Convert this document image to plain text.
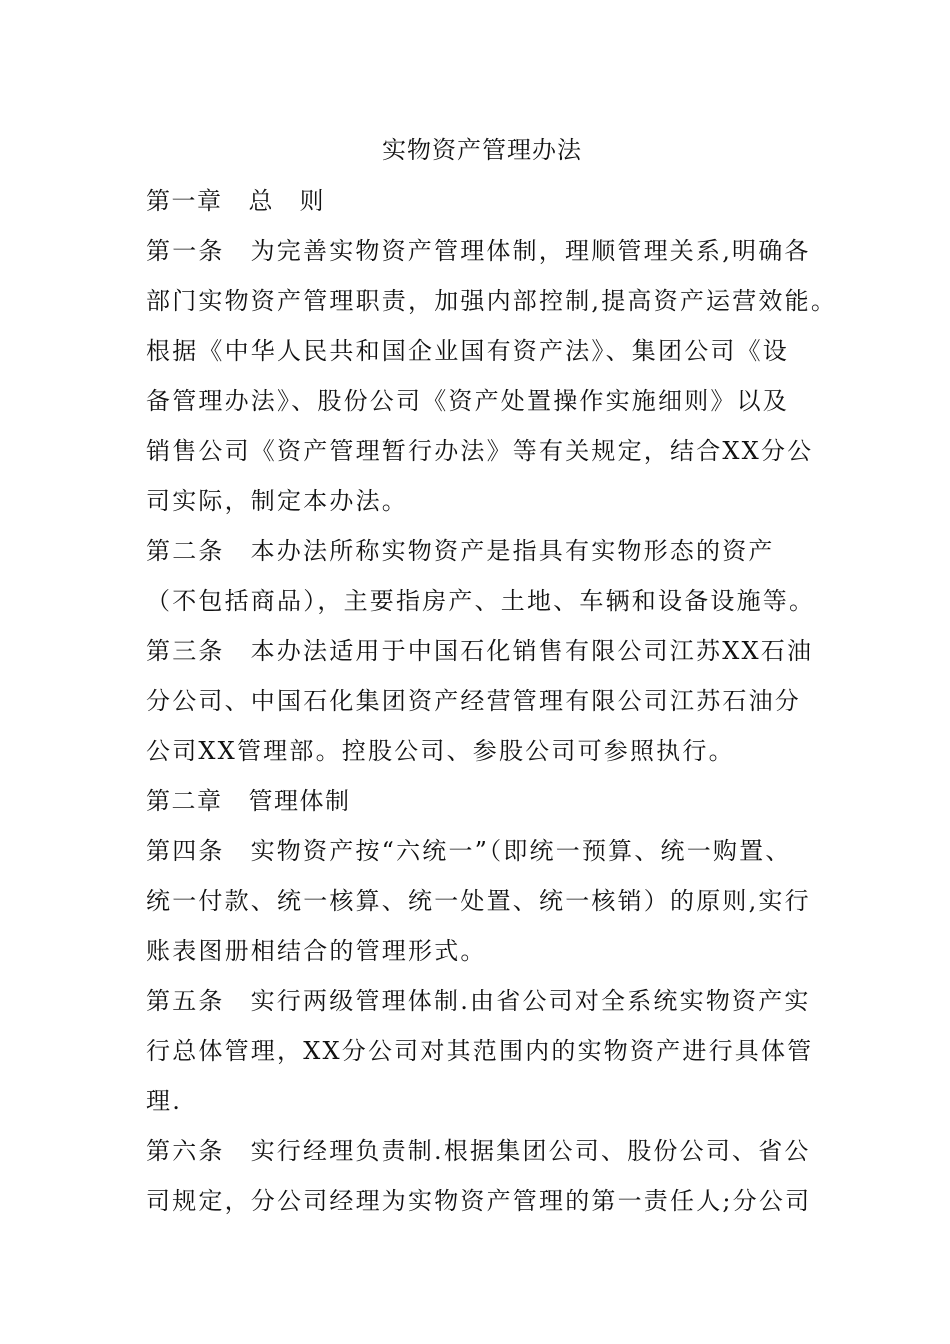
实物资产管理办法
第一章 总　则
第一条 为完善实物资产管理体制，理顺管理关系,明确各
部门实物资产管理职责，加强内部控制,提高资产运营效能。
根据《中华人民共和国企业国有资产法》、集团公司《设
备管理办法》、股份公司《资产处置操作实施细则》以及
销售公司《资产管理暂行办法》等有关规定，结合XX分公
司实际，制定本办法。
第二条 本办法所称实物资产是指具有实物形态的资产
（不包括商品），主要指房产、土地、车辆和设备设施等。
第三条 本办法适用于中国石化销售有限公司江苏XX石油
分公司、中国石化集团资产经营管理有限公司江苏石油分
公司XX管理部。控股公司、参股公司可参照执行。
第二章 管理体制
第四条 实物资产按“六统一”（即统一预算、统一购置、
统一付款、统一核算、统一处置、统一核销）的原则,实行
账表图册相结合的管理形式。
第五条 实行两级管理体制.由省公司对全系统实物资产实
行总体管理，XX分公司对其范围内的实物资产进行具体管
理.
第六条 实行经理负责制.根据集团公司、股份公司、省公
司规定，分公司经理为实物资产管理的第一责任人;分公司
